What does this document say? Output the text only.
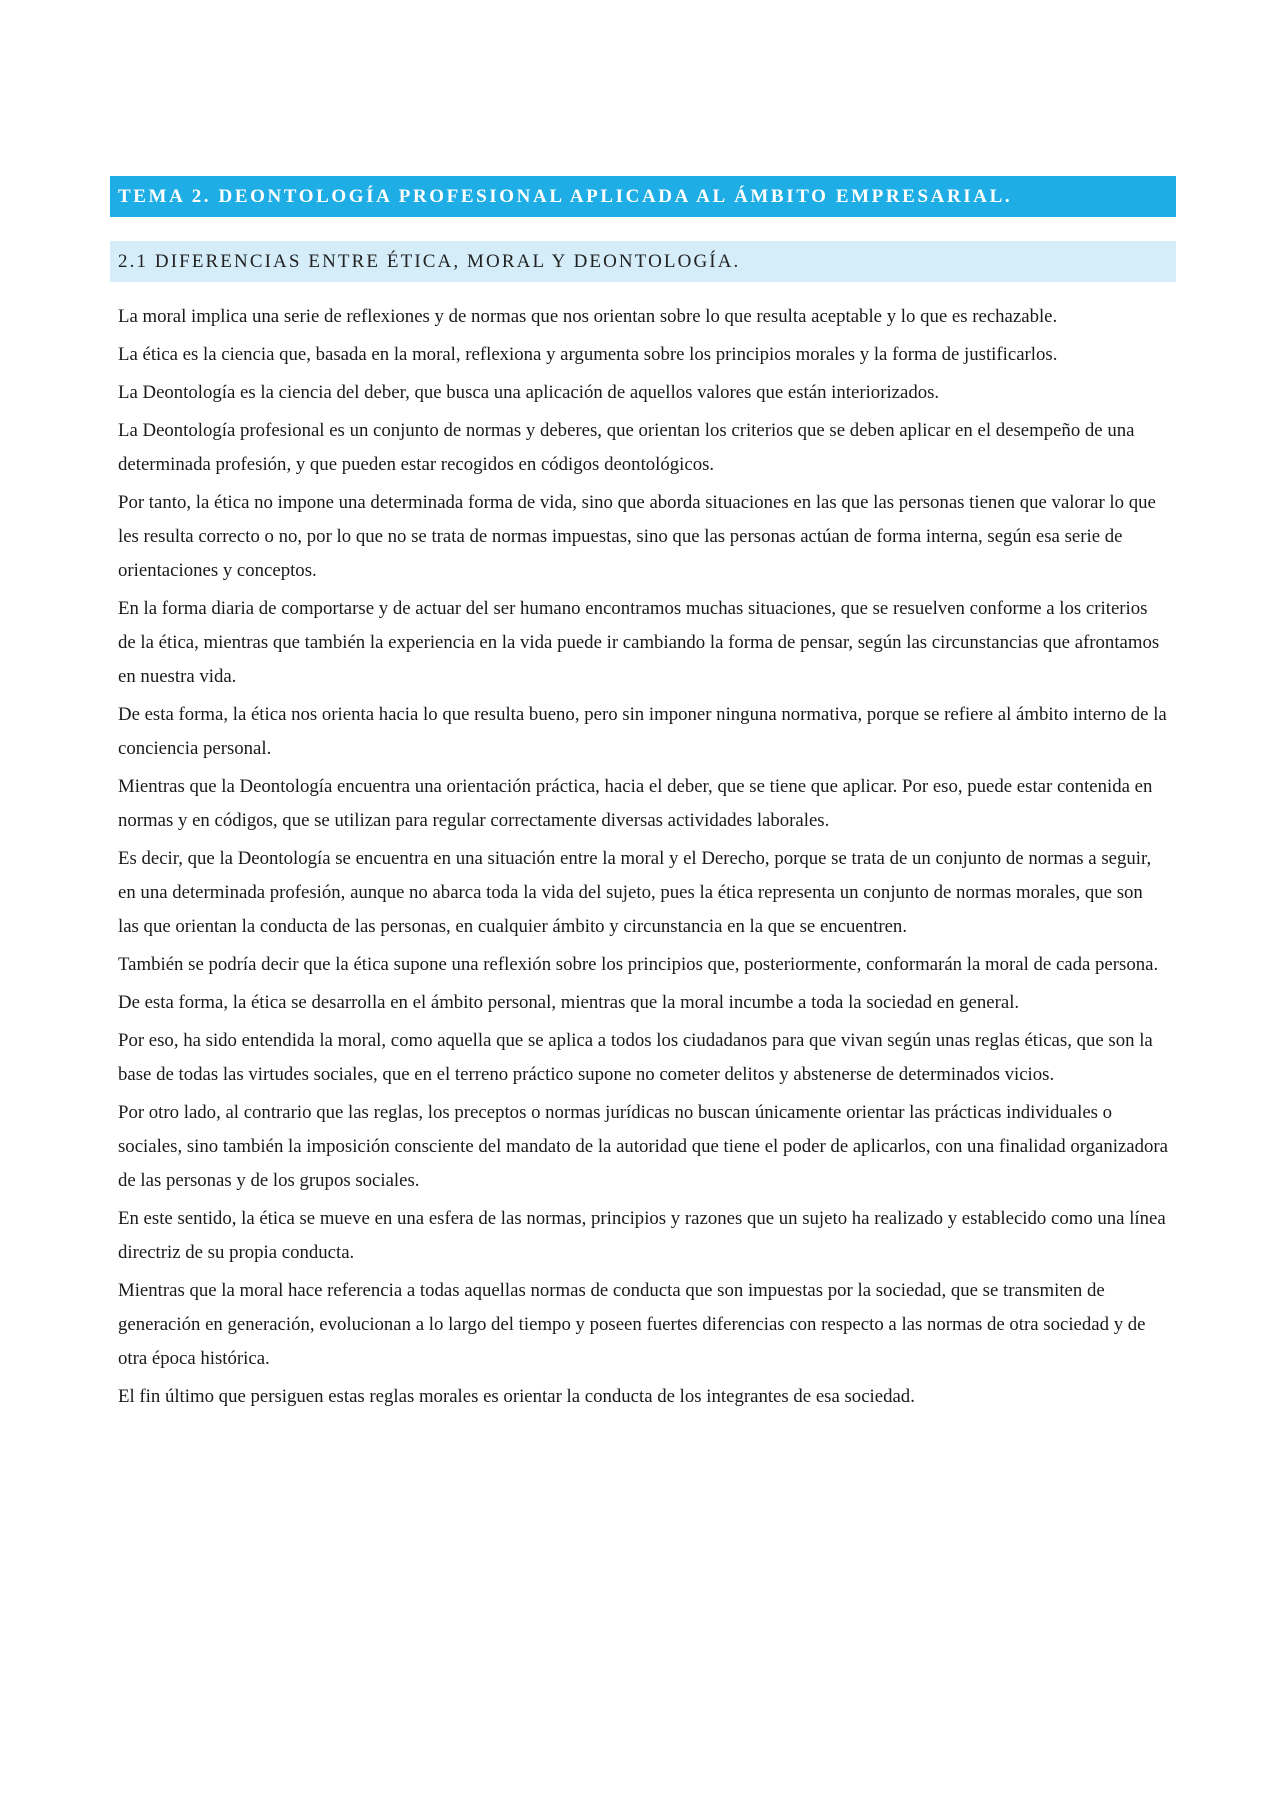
TEMA 2. DEONTOLOGÍA PROFESIONAL APLICADA AL ÁMBITO EMPRESARIAL.
2.1 DIFERENCIAS ENTRE ÉTICA, MORAL Y DEONTOLOGÍA.

La moral implica una serie de reflexiones y de normas que nos orientan sobre lo que resulta aceptable y lo que es rechazable.

La ética es la ciencia que, basada en la moral, reflexiona y argumenta sobre los principios morales y la forma de justificarlos.

La Deontología es la ciencia del deber, que busca una aplicación de aquellos valores que están interiorizados.

La Deontología profesional es un conjunto de normas y deberes, que orientan los criterios que se deben aplicar en el desempeño de una determinada profesión, y que pueden estar recogidos en códigos deontológicos.

Por tanto, la ética no impone una determinada forma de vida, sino que aborda situaciones en las que las personas tienen que valorar lo que les resulta correcto o no, por lo que no se trata de normas impuestas, sino que las personas actúan de forma interna, según esa serie de orientaciones y conceptos.

En la forma diaria de comportarse y de actuar del ser humano encontramos muchas situaciones, que se resuelven conforme a los criterios de la ética, mientras que también la experiencia en la vida puede ir cambiando la forma de pensar, según las circunstancias que afrontamos en nuestra vida.

De esta forma, la ética nos orienta hacia lo que resulta bueno, pero sin imponer ninguna normativa, porque se refiere al ámbito interno de la conciencia personal.

Mientras que la Deontología encuentra una orientación práctica, hacia el deber, que se tiene que aplicar. Por eso, puede estar contenida en normas y en códigos, que se utilizan para regular correctamente diversas actividades laborales.

Es decir, que la Deontología se encuentra en una situación entre la moral y el Derecho, porque se trata de un conjunto de normas a seguir, en una determinada profesión, aunque no abarca toda la vida del sujeto, pues la ética representa un conjunto de normas morales, que son las que orientan la conducta de las personas, en cualquier ámbito y circunstancia en la que se encuentren.

También se podría decir que la ética supone una reflexión sobre los principios que, posteriormente, conformarán la moral de cada persona.

De esta forma, la ética se desarrolla en el ámbito personal, mientras que la moral incumbe a toda la sociedad en general.

Por eso, ha sido entendida la moral, como aquella que se aplica a todos los ciudadanos para que vivan según unas reglas éticas, que son la base de todas las virtudes sociales, que en el terreno práctico supone no cometer delitos y abstenerse de determinados vicios.

Por otro lado, al contrario que las reglas, los preceptos o normas jurídicas no buscan únicamente orientar las prácticas individuales o sociales, sino también la imposición consciente del mandato de la autoridad que tiene el poder de aplicarlos, con una finalidad organizadora de las personas y de los grupos sociales.

En este sentido, la ética se mueve en una esfera de las normas, principios y razones que un sujeto ha realizado y establecido como una línea directriz de su propia conducta.

Mientras que la moral hace referencia a todas aquellas normas de conducta que son impuestas por la sociedad, que se transmiten de generación en generación, evolucionan a lo largo del tiempo y poseen fuertes diferencias con respecto a las normas de otra sociedad y de otra época histórica.

El fin último que persiguen estas reglas morales es orientar la conducta de los integrantes de esa sociedad.
